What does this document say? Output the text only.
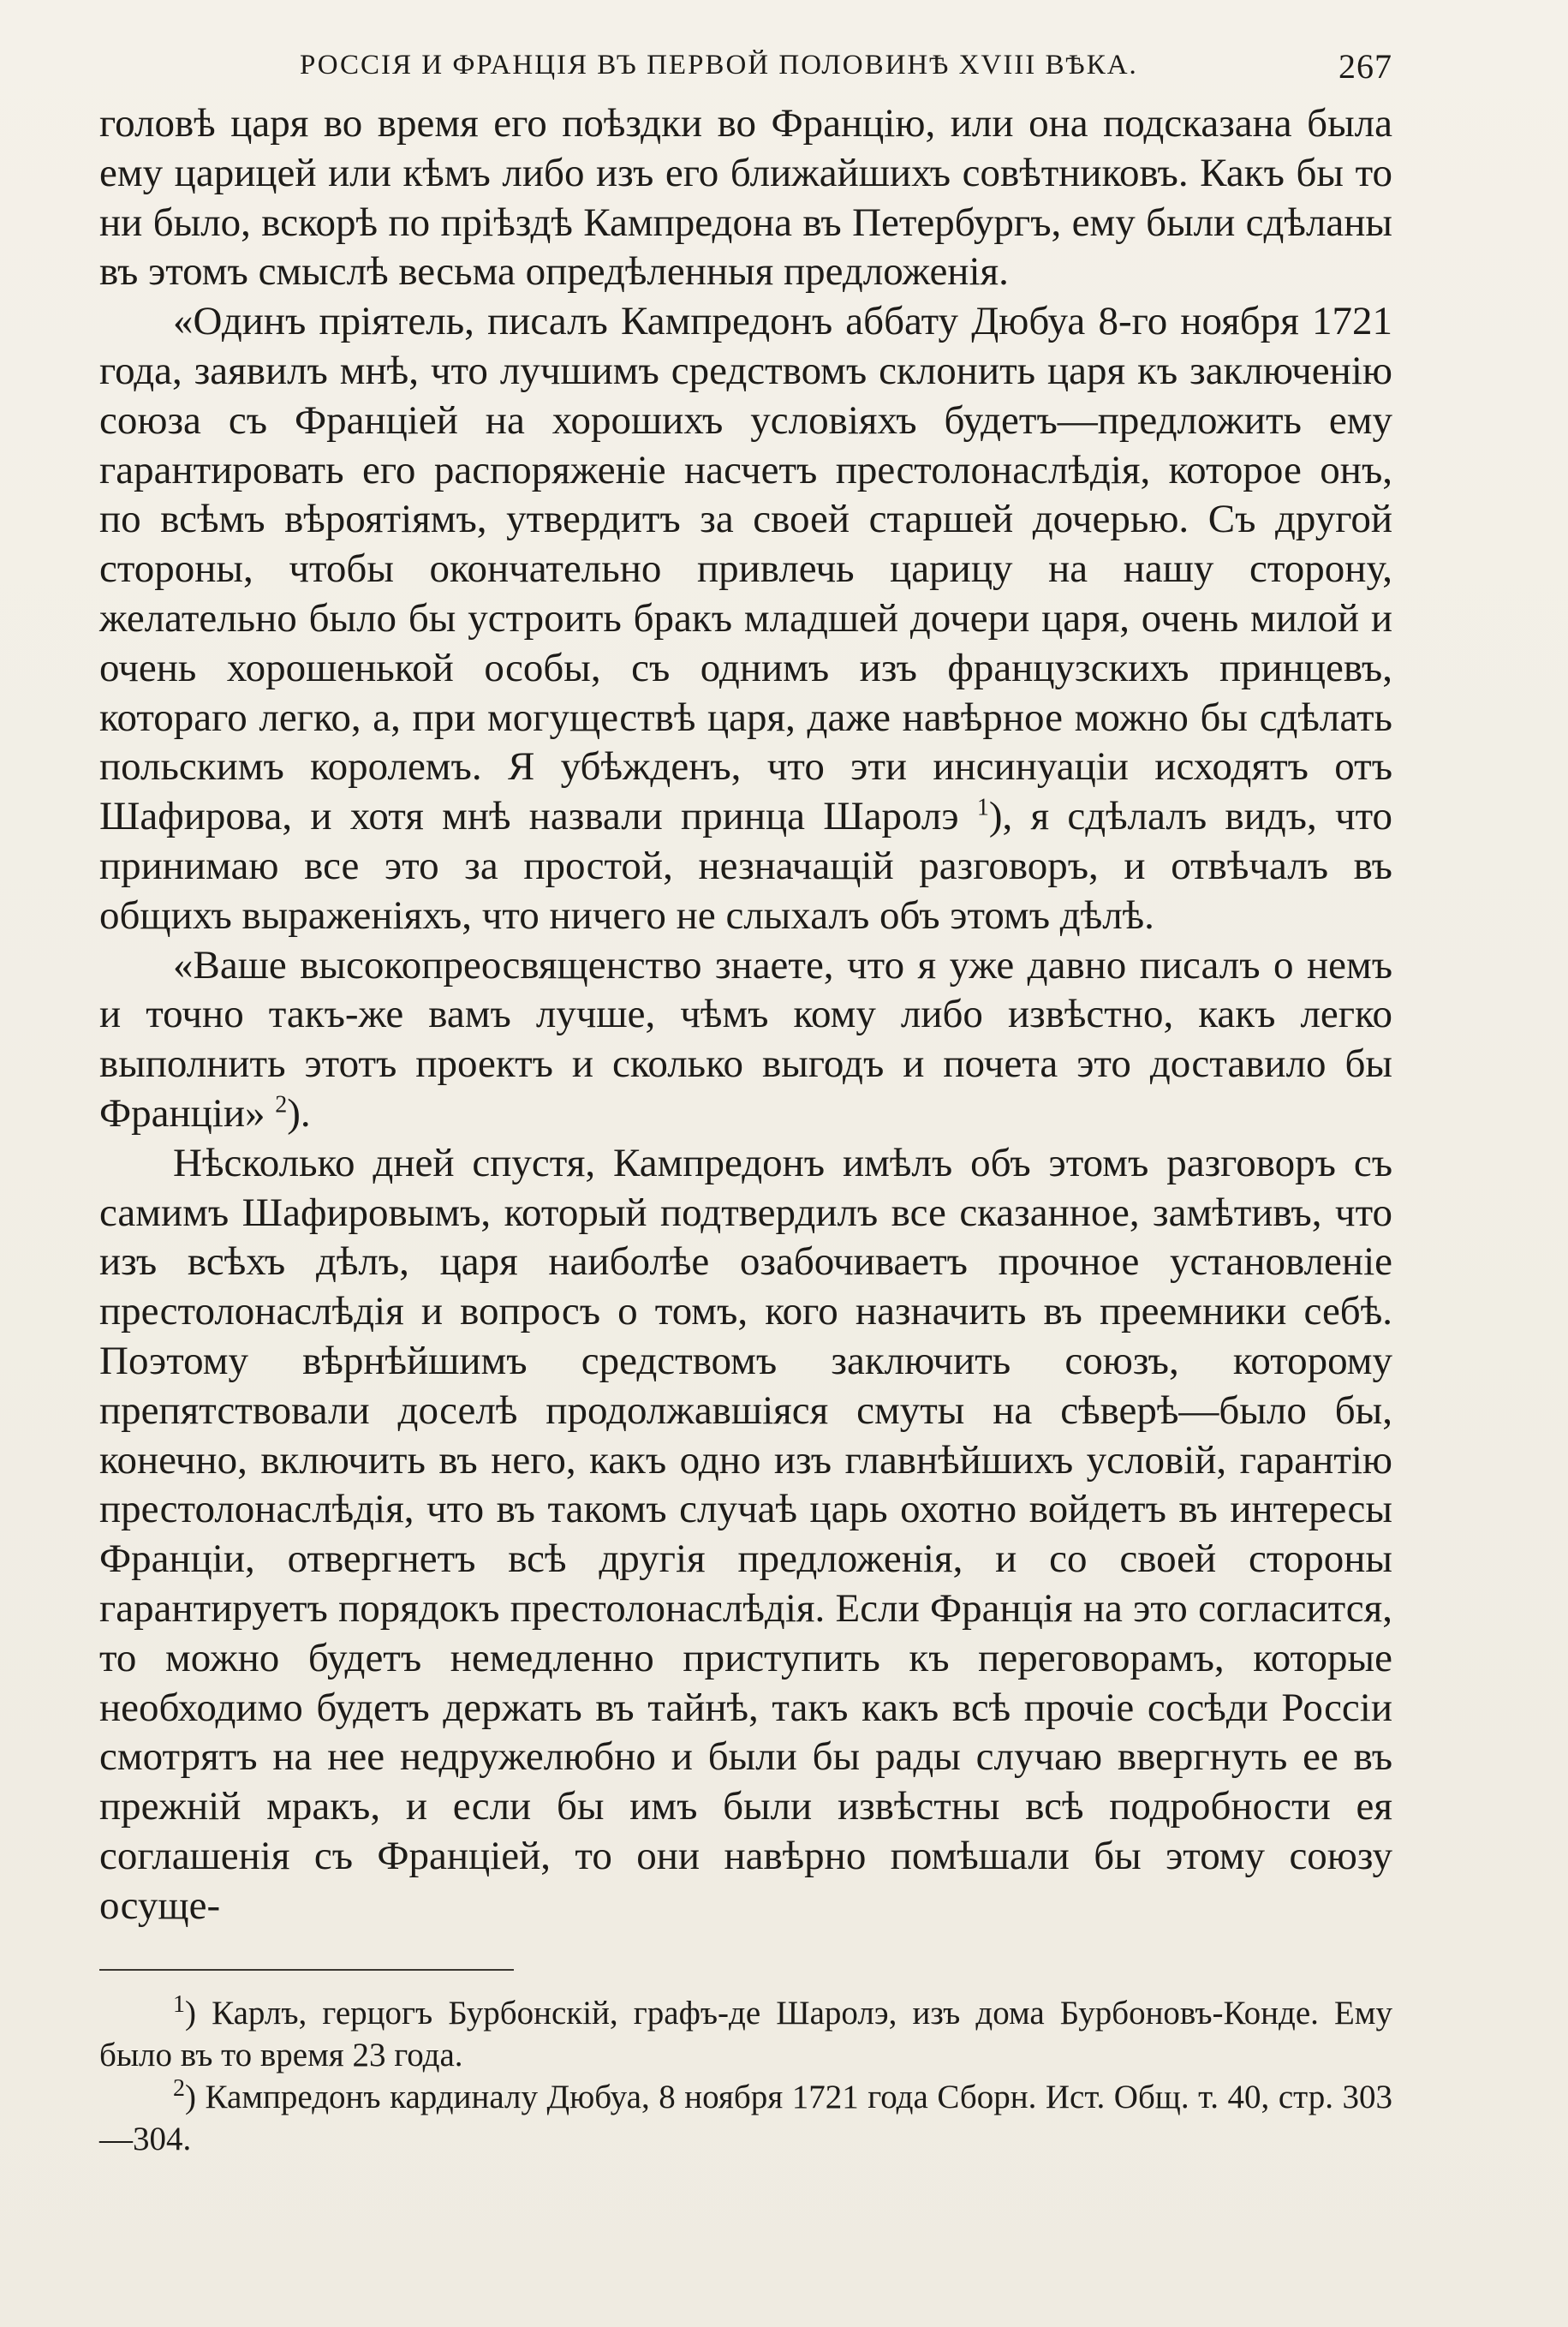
РОССІЯ И ФРАНЦІЯ ВЪ ПЕРВОЙ ПОЛОВИНѢ XVIII ВѢКА.	267

головѣ царя во время его поѣздки во Францію, или она подсказана была ему царицей или кѣмъ либо изъ его ближайшихъ совѣтниковъ. Какъ бы то ни было, вскорѣ по пріѣздѣ Кампредона въ Петербургъ, ему были сдѣланы въ этомъ смыслѣ весьма опредѣленныя предложенія.

«Одинъ пріятель, писалъ Кампредонъ аббату Дюбуа 8-го ноября 1721 года, заявилъ мнѣ, что лучшимъ средствомъ склонить царя къ заключенію союза съ Франціей на хорошихъ условіяхъ будетъ—предложить ему гарантировать его распоряженіе насчетъ престолонаслѣдія, которое онъ, по всѣмъ вѣроятіямъ, утвердитъ за своей старшей дочерью. Съ другой стороны, чтобы окончательно привлечь царицу на нашу сторону, желательно было бы устроить бракъ младшей дочери царя, очень милой и очень хорошенькой особы, съ однимъ изъ французскихъ принцевъ, котораго легко, а, при могуществѣ царя, даже навѣрное можно бы сдѣлать польскимъ королемъ. Я убѣжденъ, что эти инсинуаціи исходятъ отъ Шафирова, и хотя мнѣ назвали принца Шаролэ $^1$), я сдѣлалъ видъ, что принимаю все это за простой, незначащій разговоръ, и отвѣчалъ въ общихъ выраженіяхъ, что ничего не слыхалъ объ этомъ дѣлѣ.

«Ваше высокопреосвященство знаете, что я уже давно писалъ о немъ и точно такъ-же вамъ лучше, чѣмъ кому либо извѣстно, какъ легко выполнить этотъ проектъ и сколько выгодъ и почета это доставило бы Франціи» $^2$).

Нѣсколько дней спустя, Кампредонъ имѣлъ объ этомъ разговоръ съ самимъ Шафировымъ, который подтвердилъ все сказанное, замѣтивъ, что изъ всѣхъ дѣлъ, царя наиболѣе озабочиваетъ прочное установленіе престолонаслѣдія и вопросъ о томъ, кого назначить въ преемники себѣ. Поэтому вѣрнѣйшимъ средствомъ заключить союзъ, которому препятствовали доселѣ продолжавшіяся смуты на сѣверѣ—было бы, конечно, включить въ него, какъ одно изъ главнѣйшихъ условій, гарантію престолонаслѣдія, что въ такомъ случаѣ царь охотно войдетъ въ интересы Франціи, отвергнетъ всѣ другія предложенія, и со своей стороны гарантируетъ порядокъ престолонаслѣдія. Если Франція на это согласится, то можно будетъ немедленно приступить къ переговорамъ, которые необходимо будетъ держать въ тайнѣ, такъ какъ всѣ прочіе сосѣди Россіи смотрятъ на нее недружелюбно и были бы рады случаю ввергнуть ее въ прежній мракъ, и если бы имъ были извѣстны всѣ подробности ея соглашенія съ Франціей, то они навѣрно помѣшали бы этому союзу осуще-

$^1$) Карлъ, герцогъ Бурбонскій, графъ-де Шаролэ, изъ дома Бурбоновъ-Конде. Ему было въ то время 23 года.

$^2$) Кампредонъ кардиналу Дюбуа, 8 ноября 1721 года Сборн. Ист. Общ. т. 40, стр. 303—304.
